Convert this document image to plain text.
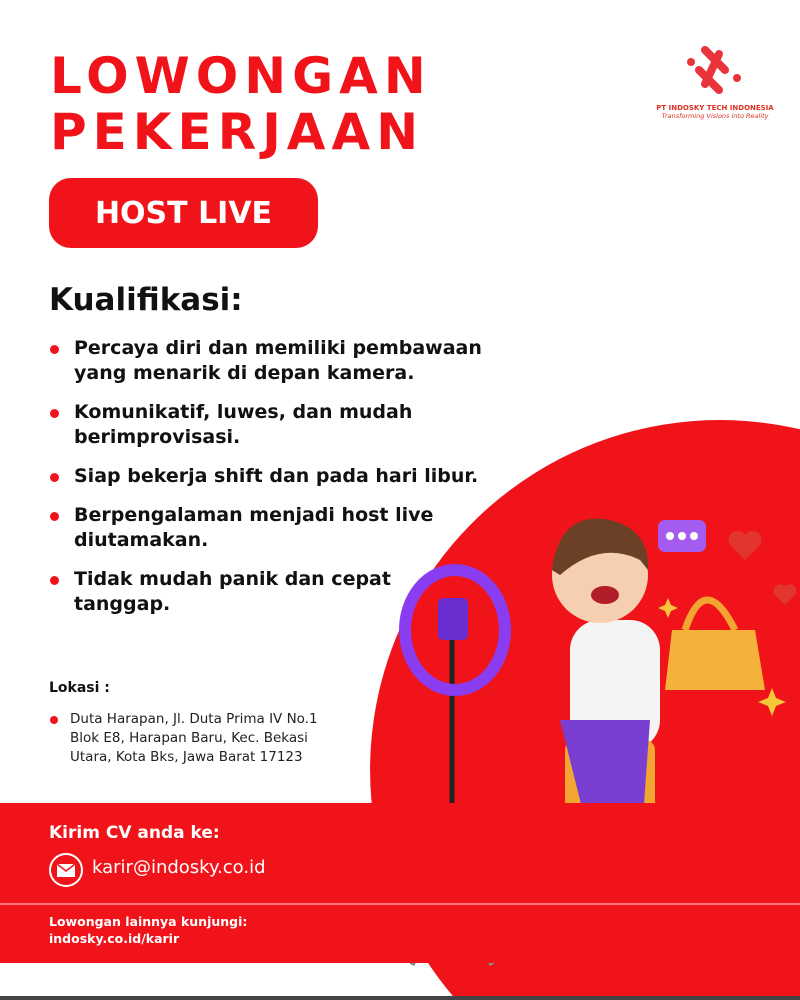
PT INDOSKY TECH INDONESIA
Transforming Visions into Reality
LOWONGAN
PEKERJAAN
HOST LIVE
Kualifikasi:
Percaya diri dan memiliki pembawaan yang menarik di depan kamera.
Komunikatif, luwes, dan mudah berimprovisasi.
Siap bekerja shift dan pada hari libur.
Berpengalaman menjadi host live diutamakan.
Tidak mudah panik dan cepat tanggap.
Lokasi :
Duta Harapan, Jl. Duta Prima IV No.1 Blok E8, Harapan Baru, Kec. Bekasi Utara, Kota Bks, Jawa Barat 17123
Kirim CV anda ke:
karir@indosky.co.id
Lowongan lainnya kunjungi:
indosky.co.id/karir
